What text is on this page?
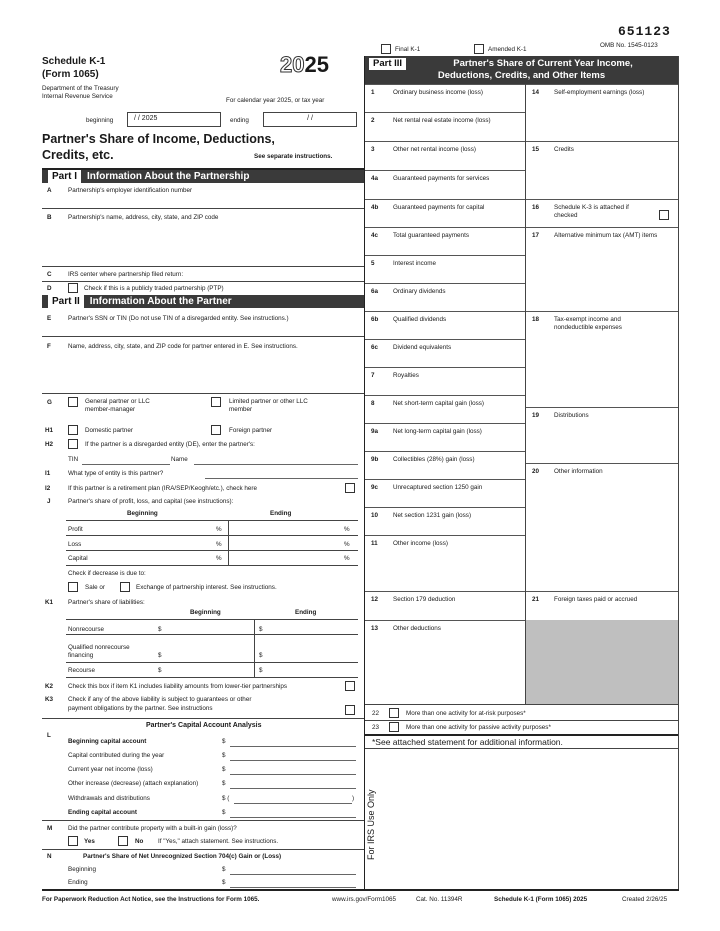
651123
OMB No. 1545-0123
Final K-1	Amended K-1
Schedule K-1
(Form 1065)
Department of the Treasury
Internal Revenue Service
2025
For calendar year 2025, or tax year
beginning	/ / 2025	ending	/ /
Partner's Share of Income, Deductions,
Credits, etc.	See separate instructions.
Part I Information About the Partnership
A	Partnership's employer identification number
B	Partnership's name, address, city, state, and ZIP code
C	IRS center where partnership filed return:
D	Check if this is a publicly traded partnership (PTP)
Part II Information About the Partner
E	Partner's SSN or TIN (Do not use TIN of a disregarded entity. See instructions.)
F	Name, address, city, state, and ZIP code for partner entered in E. See instructions.
G	General partner or LLC
member-manager
Limited partner or other LLC
member
H1	Domestic partner	Foreign partner
H2	If the partner is a disregarded entity (DE), enter the partner's:
TIN	Name
I1	What type of entity is this partner?
I2	If this partner is a retirement plan (IRA/SEP/Keogh/etc.), check here
J	Partner's share of profit, loss, and capital (see instructions):
Beginning	Ending
Profit	%	%
Loss	%	%
Capital	%	%
Check if decrease is due to:
Sale or	Exchange of partnership interest. See instructions.
K1 Partner's share of liabilities:
Beginning	Ending
Nonrecourse	$	$
Qualified nonrecourse
financing	$	$
Recourse	$	$
K2 Check this box if item K1 includes liability amounts from lower-tier partnerships
K3 Check if any of the above liability is subject to guarantees or other
payment obligations by the partner. See instructions
L
Partner's Capital Account Analysis
Beginning capital account	$
Capital contributed during the year	$
Current year net income (loss)	$
Other increase (decrease) (attach explanation)	$
Withdrawals and distributions	$ (	)
Ending capital account	$
M	Did the partner contribute property with a built-in gain (loss)?
Yes	No If "Yes," attach statement. See instructions.
N	Partner's Share of Net Unrecognized Section 704(c) Gain or (Loss)
Beginning	$
Ending	$
Part III	Partner's Share of Current Year Income,
Deductions, Credits, and Other Items
1	Ordinary business income (loss)
2	Net rental real estate income (loss)
3	Other net rental income (loss)
4a Guaranteed payments for services
4b Guaranteed payments for capital
4c Total guaranteed payments
5	Interest income
6a Ordinary dividends
6b Qualified dividends
6c Dividend equivalents
7	Royalties
8	Net short-term capital gain (loss)
9a Net long-term capital gain (loss)
9b Collectibles (28%) gain (loss)
9c Unrecaptured section 1250 gain
10 Net section 1231 gain (loss)
11 Other income (loss)
12 Section 179 deduction
13 Other deductions
14 Self-employment earnings (loss)
15 Credits
16 Schedule K-3 is attached if
checked
17 Alternative minimum tax (AMT) items
18 Tax-exempt income and
nondeductible expenses
19 Distributions
20 Other information
21 Foreign taxes paid or accrued
22	More than one activity for at-risk purposes*
23	More than one activity for passive activity purposes*
*See attached statement for additional information.
For IRS Use Only
For Paperwork Reduction Act Notice, see the Instructions for Form 1065.	www.irs.gov/Form1065	Cat. No. 11394R	Schedule K-1 (Form 1065) 2025	Created 2/26/25
